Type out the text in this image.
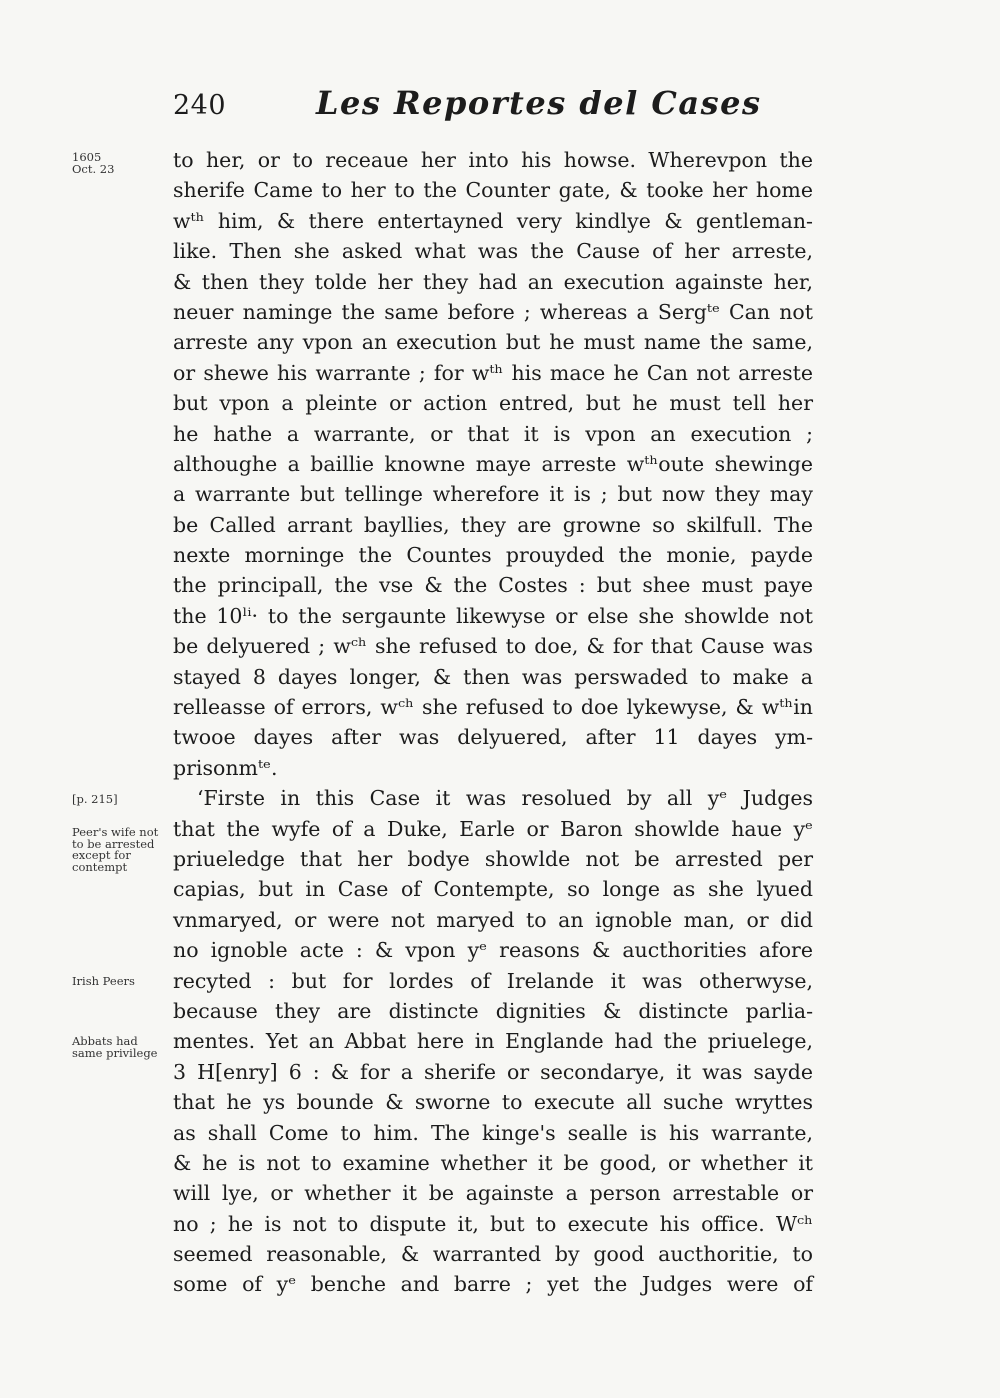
240	Les Reportes del Cases
1605
Oct. 23
[p. 215]
Peer's wife not to be arrested except for contempt
Irish Peers
Abbats had same privilege
to her, or to receaue her into his howse. Wherevpon the
sherife Came to her to the Counter gate, & tooke her home
wᵗʰ him, & there entertayned very kindlye & gentleman-
like. Then she asked what was the Cause of her arreste,
& then they tolde her they had an execution againste her,
neuer naminge the same before ; whereas a Sergᵗᵉ Can not
arreste any vpon an execution but he must name the same,
or shewe his warrante ; for wᵗʰ his mace he Can not arreste
but vpon a pleinte or action entred, but he must tell her
he hathe a warrante, or that it is vpon an execution ;
althoughe a baillie knowne maye arreste wᵗʰoute shewinge
a warrante but tellinge wherefore it is ; but now they may
be Called arrant bayllies, they are growne so skilfull. The
nexte morninge the Countes prouyded the monie, payde
the principall, the vse & the Costes : but shee must paye
the 10ˡⁱ· to the sergaunte likewyse or else she showlde not
be delyuered ; wᶜʰ she refused to doe, & for that Cause was
stayed 8 dayes longer, & then was perswaded to make a
relleasse of errors, wᶜʰ she refused to doe lykewyse, & wᵗʰin
twooe dayes after was delyuered, after 11 dayes ym-
prisonmᵗᵉ.
‘Firste in this Case it was resolued by all yᵉ Judges
that the wyfe of a Duke, Earle or Baron showlde haue yᵉ
priueledge that her bodye showlde not be arrested per
capias, but in Case of Contempte, so longe as she lyued
vnmaryed, or were not maryed to an ignoble man, or did
no ignoble acte : & vpon yᵉ reasons & aucthorities afore
recyted : but for lordes of Irelande it was otherwyse,
because they are distincte dignities & distincte parlia-
mentes. Yet an Abbat here in Englande had the priuelege,
3 H[enry] 6 : & for a sherife or secondarye, it was sayde
that he ys bounde & sworne to execute all suche wryttes
as shall Come to him. The kinge's sealle is his warrante,
& he is not to examine whether it be good, or whether it
will lye, or whether it be againste a person arrestable or
no ; he is not to dispute it, but to execute his office. Wᶜʰ
seemed reasonable, & warranted by good aucthoritie, to
some of yᵉ benche and barre ; yet the Judges were of
